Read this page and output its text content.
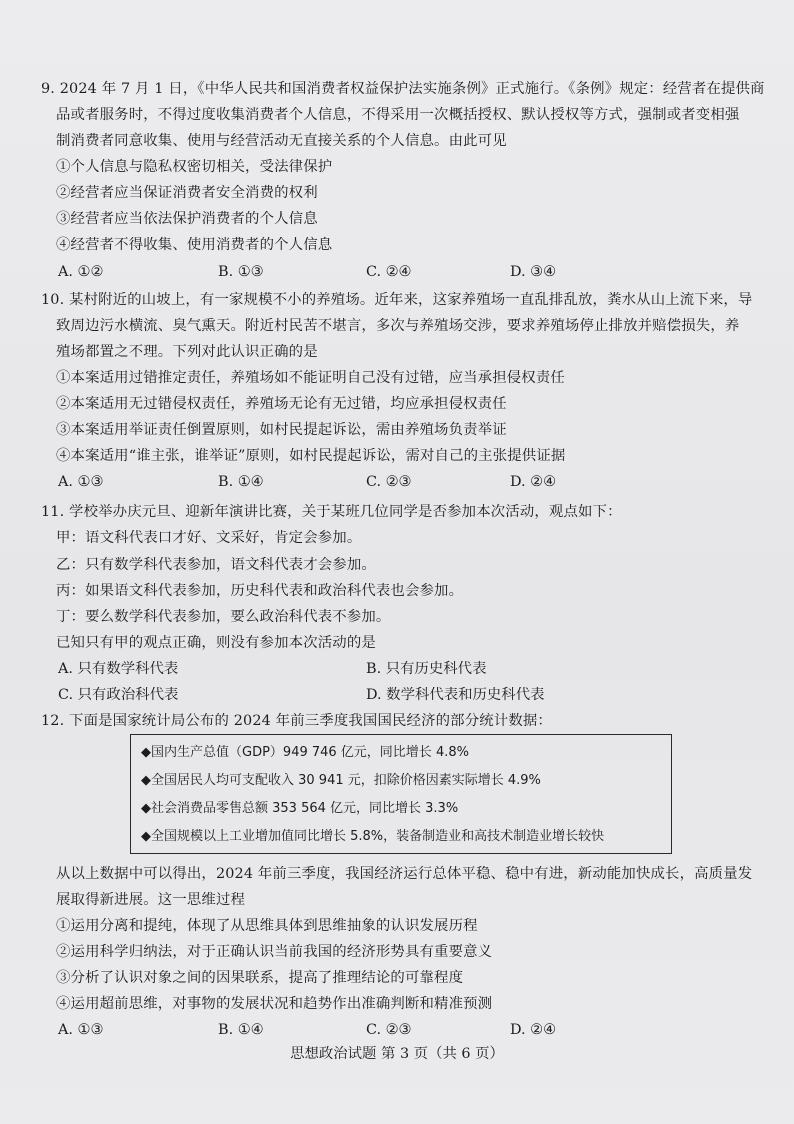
9. 2024 年 7 月 1 日，《中华人民共和国消费者权益保护法实施条例》正式施行。《条例》规定：经营者在提供商
品或者服务时，不得过度收集消费者个人信息，不得采用一次概括授权、默认授权等方式，强制或者变相强
制消费者同意收集、使用与经营活动无直接关系的个人信息。由此可见
①个人信息与隐私权密切相关，受法律保护
②经营者应当保证消费者安全消费的权利
③经营者应当依法保护消费者的个人信息
④经营者不得收集、使用消费者的个人信息
A. ①②	B. ①③	C. ②④	D. ③④
10. 某村附近的山坡上，有一家规模不小的养殖场。近年来，这家养殖场一直乱排乱放，粪水从山上流下来，导
致周边污水横流、臭气熏天。附近村民苦不堪言，多次与养殖场交涉，要求养殖场停止排放并赔偿损失，养
殖场都置之不理。下列对此认识正确的是
①本案适用过错推定责任，养殖场如不能证明自己没有过错，应当承担侵权责任
②本案适用无过错侵权责任，养殖场无论有无过错，均应承担侵权责任
③本案适用举证责任倒置原则，如村民提起诉讼，需由养殖场负责举证
④本案适用“谁主张，谁举证”原则，如村民提起诉讼，需对自己的主张提供证据
A. ①③	B. ①④	C. ②③	D. ②④
11. 学校举办庆元旦、迎新年演讲比赛，关于某班几位同学是否参加本次活动，观点如下：
甲：语文科代表口才好、文采好，肯定会参加。
乙：只有数学科代表参加，语文科代表才会参加。
丙：如果语文科代表参加，历史科代表和政治科代表也会参加。
丁：要么数学科代表参加，要么政治科代表不参加。
已知只有甲的观点正确，则没有参加本次活动的是
A. 只有数学科代表	B. 只有历史科代表
C. 只有政治科代表	D. 数学科代表和历史科代表
12. 下面是国家统计局公布的 2024 年前三季度我国国民经济的部分统计数据：
◆国内生产总值（GDP）949 746 亿元，同比增长 4.8%
◆全国居民人均可支配收入 30 941 元，扣除价格因素实际增长 4.9%
◆社会消费品零售总额 353 564 亿元，同比增长 3.3%
◆全国规模以上工业增加值同比增长 5.8%，装备制造业和高技术制造业增长较快
从以上数据中可以得出，2024 年前三季度，我国经济运行总体平稳、稳中有进，新动能加快成长，高质量发
展取得新进展。这一思维过程
①运用分离和提纯，体现了从思维具体到思维抽象的认识发展历程
②运用科学归纳法，对于正确认识当前我国的经济形势具有重要意义
③分析了认识对象之间的因果联系，提高了推理结论的可靠程度
④运用超前思维，对事物的发展状况和趋势作出准确判断和精准预测
A. ①③	B. ①④	C. ②③	D. ②④
思想政治试题 第 3 页（共 6 页）
